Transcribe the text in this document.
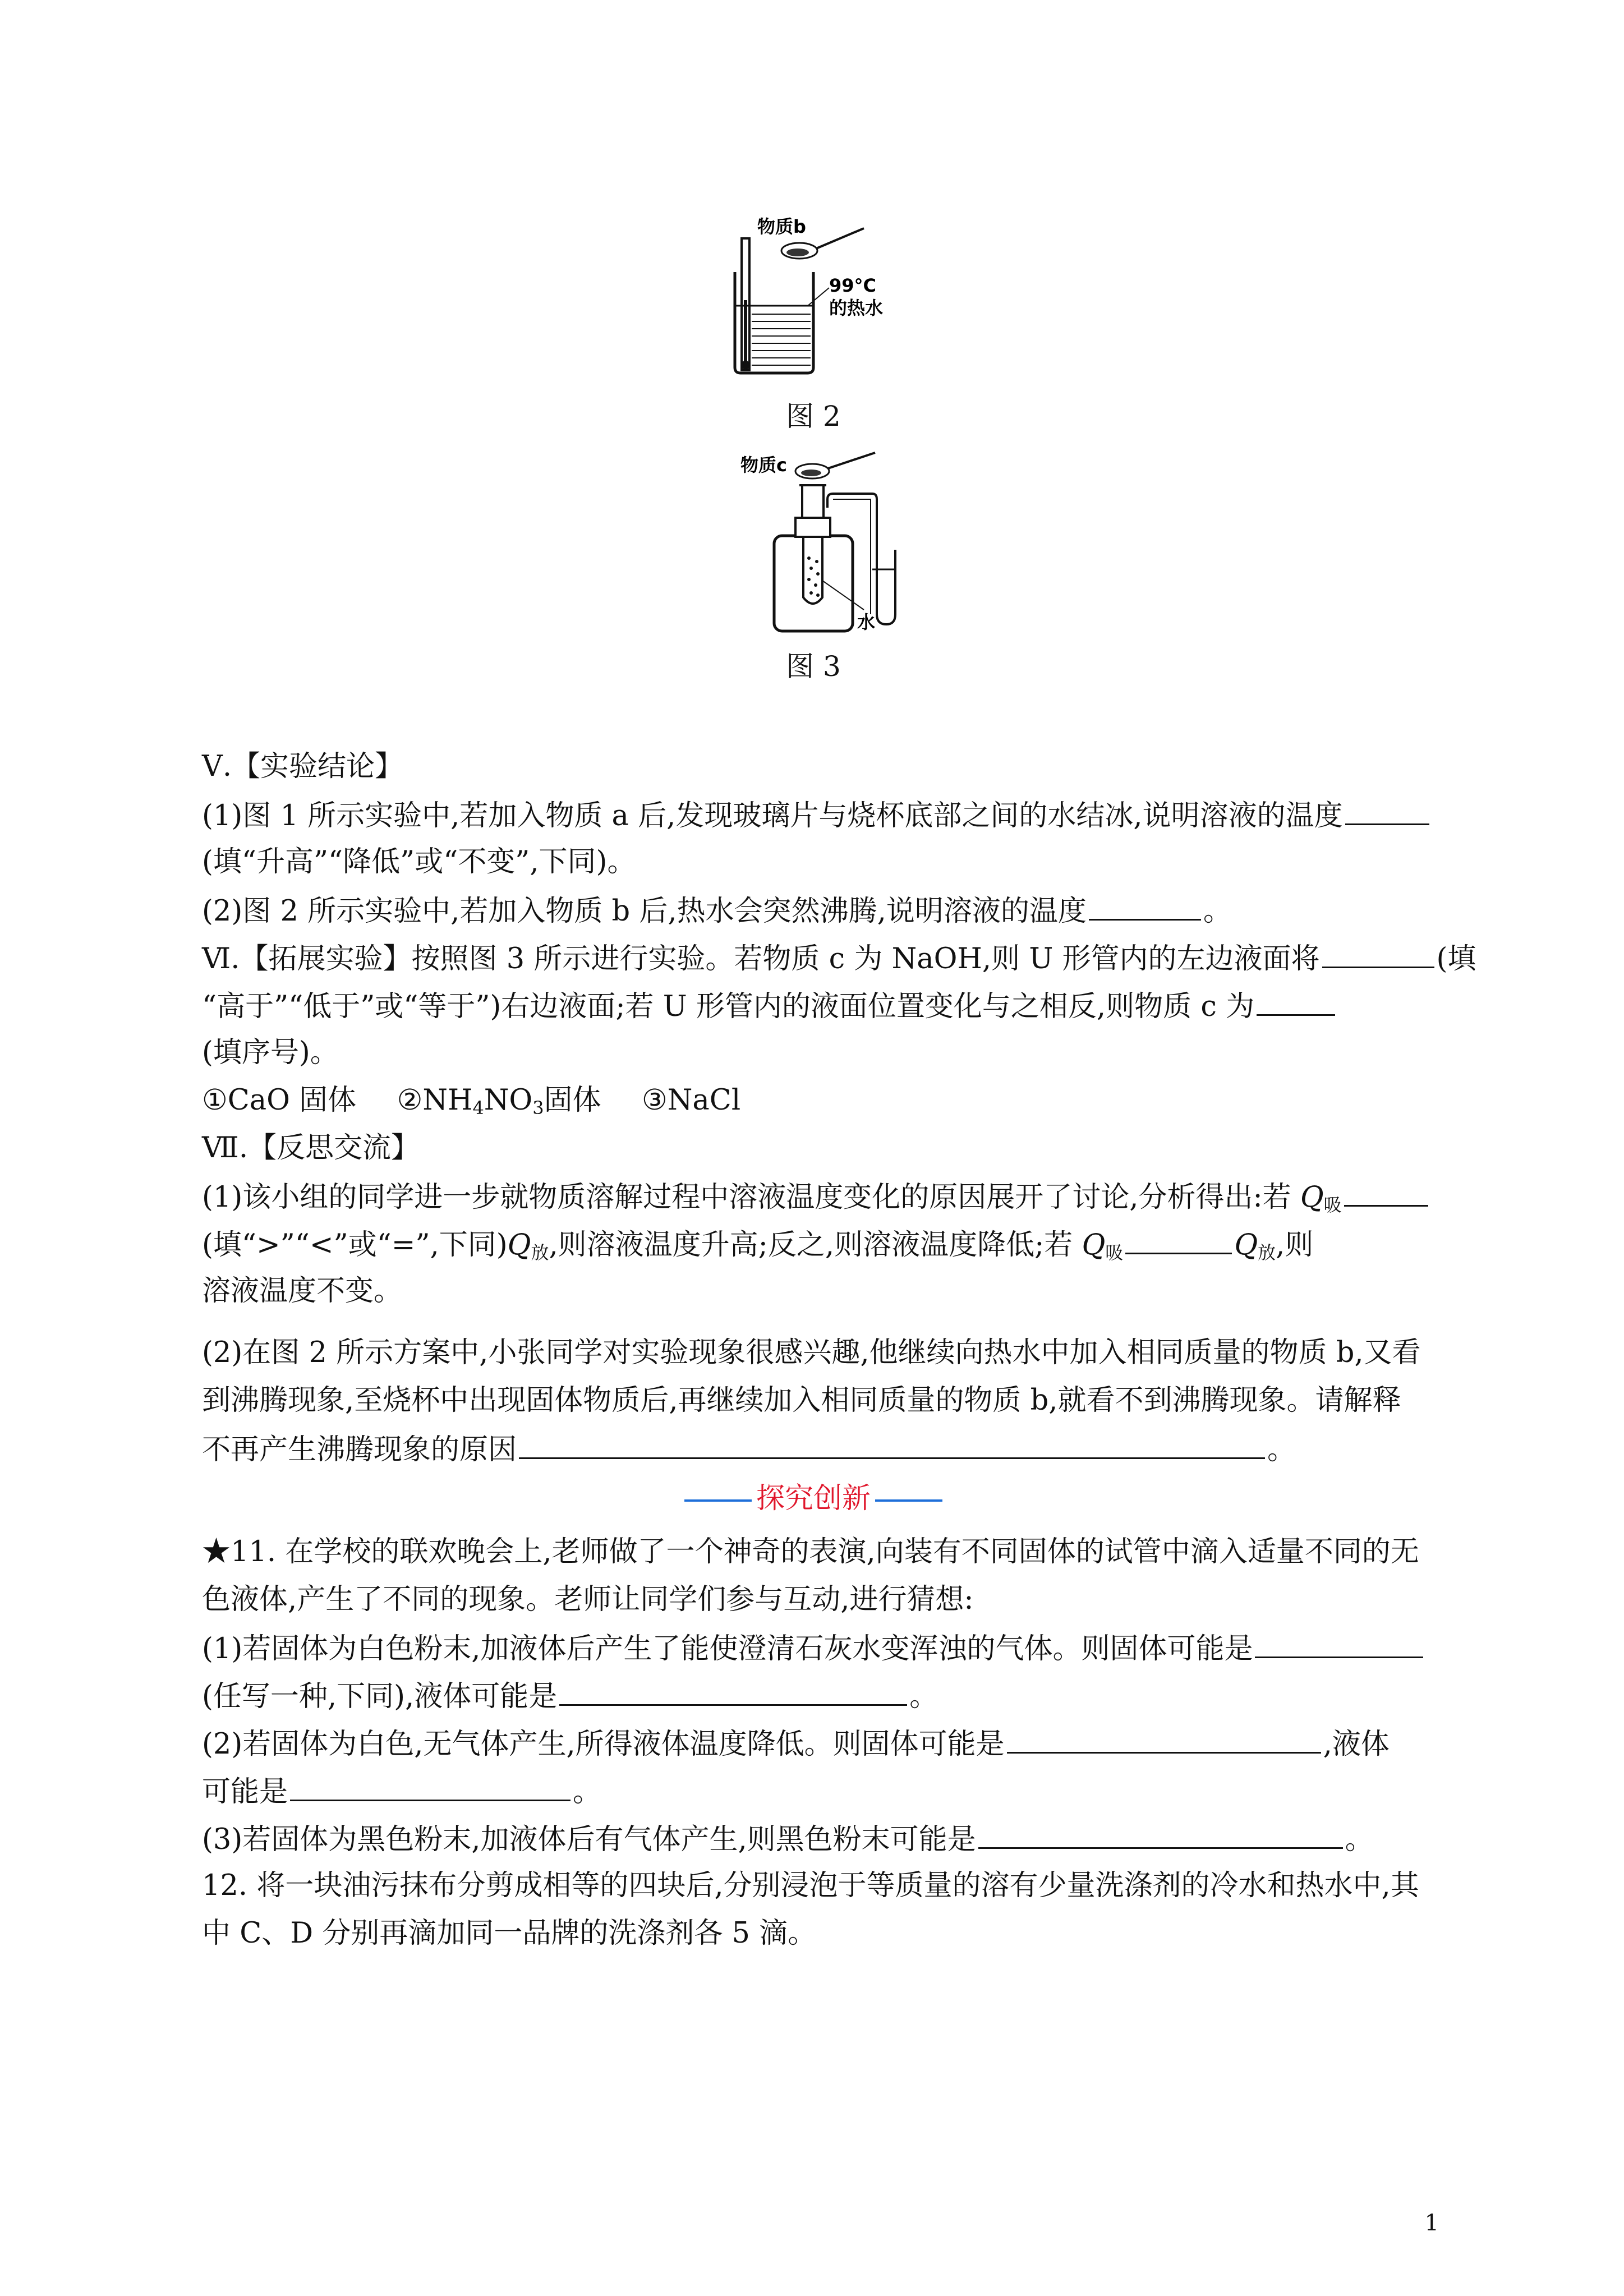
物质b
99°C
的热水
图 2
物质c
水
图 3
Ⅴ.【实验结论】
(1)图 1 所示实验中,若加入物质 a 后,发现玻璃片与烧杯底部之间的水结冰,说明溶液的温度
(填“升高”“降低”或“不变”,下同)。
(2)图 2 所示实验中,若加入物质 b 后,热水会突然沸腾,说明溶液的温度	。
Ⅵ.【拓展实验】按照图 3 所示进行实验。若物质 c 为 NaOH,则 U 形管内的左边液面将	(填
“高于”“低于”或“等于”)右边液面;若 U 形管内的液面位置变化与之相反,则物质 c 为
(填序号)。
①CaO 固体 $②NH_4NO_3$固体 ③NaCl
Ⅶ.【反思交流】
(1)该小组的同学进一步就物质溶解过程中溶液温度变化的原因展开了讨论,分析得出:若 $Q_吸$
(填“>”“<”或“=”,下同)$Q_放$,则溶液温度升高;反之,则溶液温度降低;若 $Q_吸$	$Q_放$,则
溶液温度不变。
(2)在图 2 所示方案中,小张同学对实验现象很感兴趣,他继续向热水中加入相同质量的物质 b,又看
到沸腾现象,至烧杯中出现固体物质后,再继续加入相同质量的物质 b,就看不到沸腾现象。请解释
不再产生沸腾现象的原因	。
探究创新
★11. 在学校的联欢晚会上,老师做了一个神奇的表演,向装有不同固体的试管中滴入适量不同的无
色液体,产生了不同的现象。老师让同学们参与互动,进行猜想:
(1)若固体为白色粉末,加液体后产生了能使澄清石灰水变浑浊的气体。则固体可能是
(任写一种,下同),液体可能是	。
(2)若固体为白色,无气体产生,所得液体温度降低。则固体可能是	,液体
可能是	。
(3)若固体为黑色粉末,加液体后有气体产生,则黑色粉末可能是	。
12. 将一块油污抹布分剪成相等的四块后,分别浸泡于等质量的溶有少量洗涤剂的冷水和热水中,其
中 C、D 分别再滴加同一品牌的洗涤剂各 5 滴。
1
